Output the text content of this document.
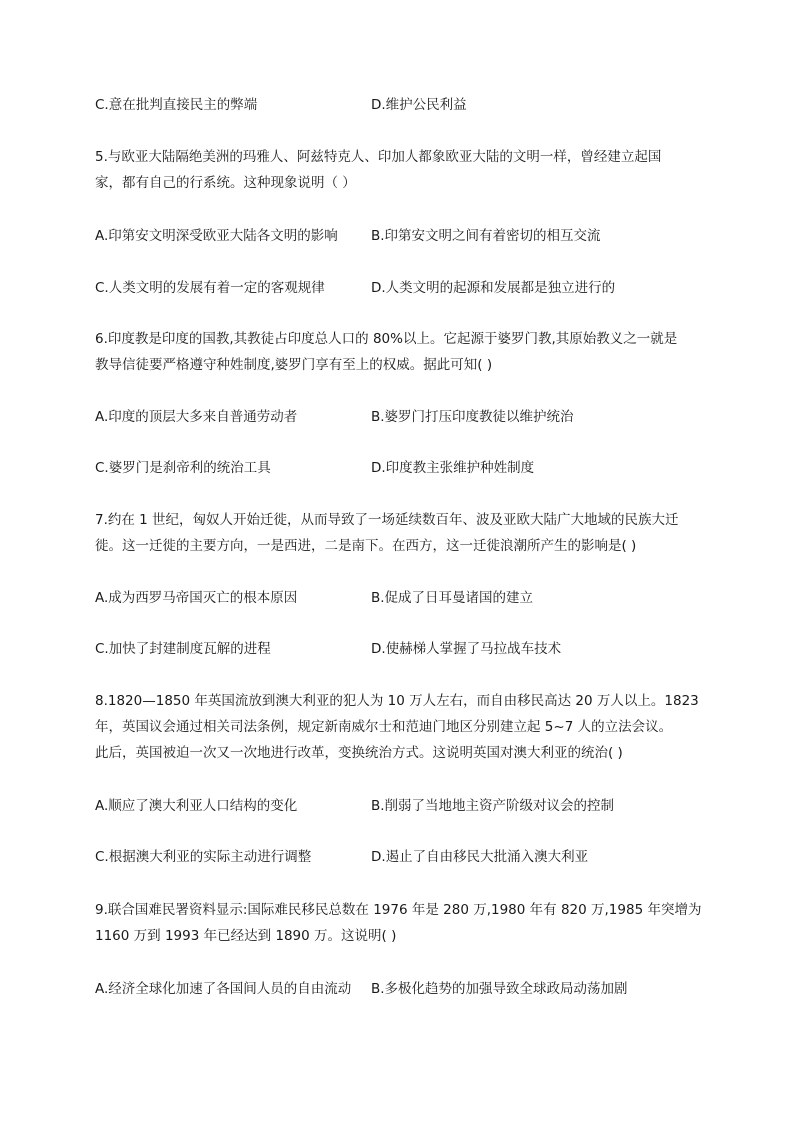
C.意在批判直接民主的弊端	D.维护公民利益
5.与欧亚大陆隔绝美洲的玛雅人、阿兹特克人、印加人都象欧亚大陆的文明一样，曾经建立起国
家，都有自己的行系统。这种现象说明（ ）
A.印第安文明深受欧亚大陆各文明的影响 B.印第安文明之间有着密切的相互交流
C.人类文明的发展有着一定的客观规律	D.人类文明的起源和发展都是独立进行的
6.印度教是印度的国教,其教徒占印度总人口的 80%以上。它起源于婆罗门教,其原始教义之一就是
教导信徒要严格遵守种姓制度,婆罗门享有至上的权威。据此可知( )
A.印度的顶层大多来自普通劳动者	B.婆罗门打压印度教徒以维护统治
C.婆罗门是刹帝利的统治工具	D.印度教主张维护种姓制度
7.约在 1 世纪，匈奴人开始迁徙，从而导致了一场延续数百年、波及亚欧大陆广大地域的民族大迁
徙。这一迁徙的主要方向，一是西进，二是南下。在西方，这一迁徙浪潮所产生的影响是( )
A.成为西罗马帝国灭亡的根本原因	B.促成了日耳曼诸国的建立
C.加快了封建制度瓦解的进程	D.使赫梯人掌握了马拉战车技术
8.1820—1850 年英国流放到澳大利亚的犯人为 10 万人左右，而自由移民高达 20 万人以上。1823
年，英国议会通过相关司法条例，规定新南威尔士和范迪门地区分别建立起 5~7 人的立法会议。
此后，英国被迫一次又一次地进行改革，变换统治方式。这说明英国对澳大利亚的统治( )
A.顺应了澳大利亚人口结构的变化	B.削弱了当地地主资产阶级对议会的控制
C.根据澳大利亚的实际主动进行调整	D.遏止了自由移民大批涌入澳大利亚
9.联合国难民署资料显示:国际难民移民总数在 1976 年是 280 万,1980 年有 820 万,1985 年突增为
1160 万到 1993 年已经达到 1890 万。这说明( )
A.经济全球化加速了各国间人员的自由流动 B.多极化趋势的加强导致全球政局动荡加剧
